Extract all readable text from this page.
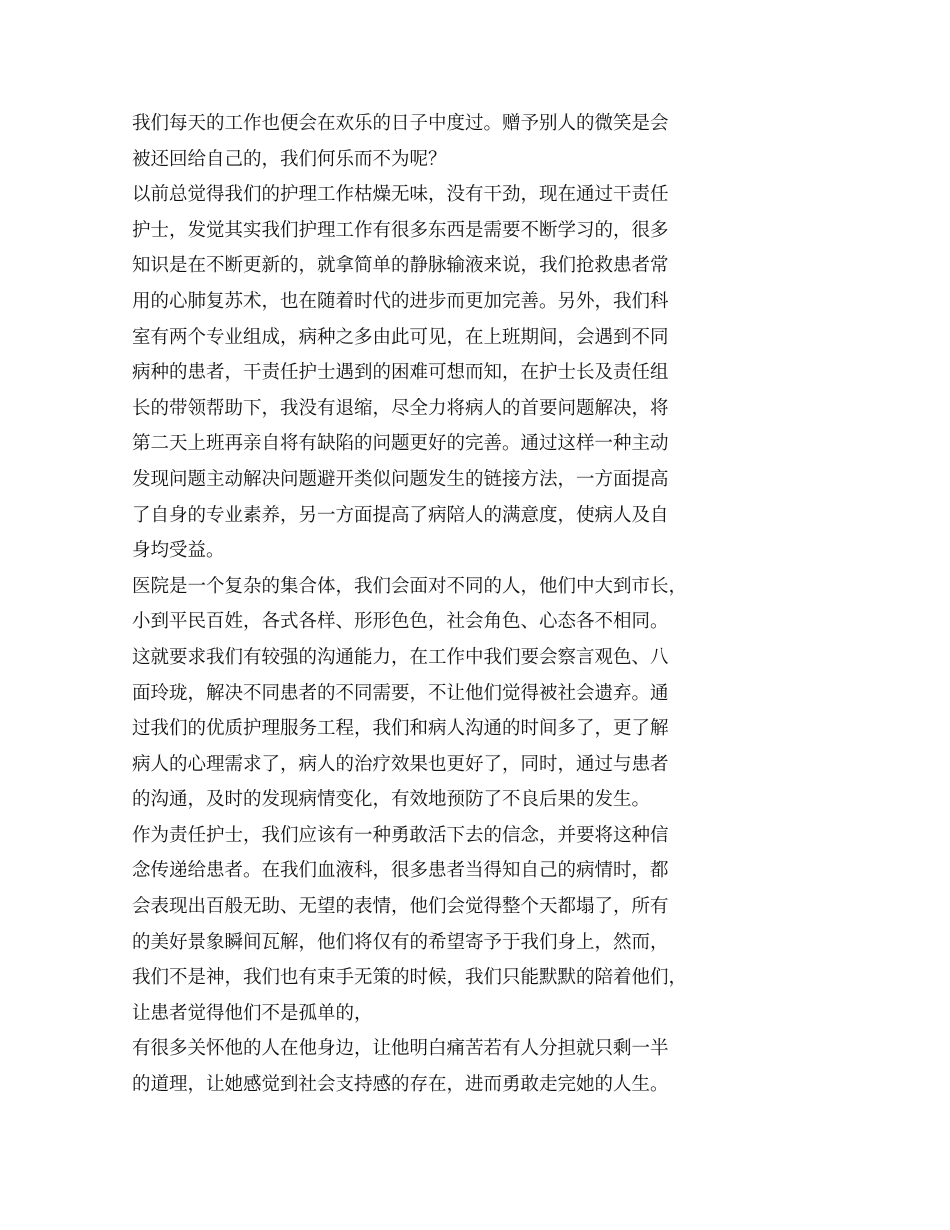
我们每天的工作也便会在欢乐的日子中度过。赠予别人的微笑是会
被还回给自己的，我们何乐而不为呢？
以前总觉得我们的护理工作枯燥无味，没有干劲，现在通过干责任
护士，发觉其实我们护理工作有很多东西是需要不断学习的，很多
知识是在不断更新的，就拿简单的静脉输液来说，我们抢救患者常
用的心肺复苏术，也在随着时代的进步而更加完善。另外，我们科
室有两个专业组成，病种之多由此可见，在上班期间，会遇到不同
病种的患者，干责任护士遇到的困难可想而知，在护士长及责任组
长的带领帮助下，我没有退缩，尽全力将病人的首要问题解决，将
第二天上班再亲自将有缺陷的问题更好的完善。通过这样一种主动
发现问题主动解决问题避开类似问题发生的链接方法，一方面提高
了自身的专业素养，另一方面提高了病陪人的满意度，使病人及自
身均受益。
医院是一个复杂的集合体，我们会面对不同的人，他们中大到市长，
小到平民百姓，各式各样、形形色色，社会角色、心态各不相同。
这就要求我们有较强的沟通能力，在工作中我们要会察言观色、八
面玲珑，解决不同患者的不同需要，不让他们觉得被社会遗弃。通
过我们的优质护理服务工程，我们和病人沟通的时间多了，更了解
病人的心理需求了，病人的治疗效果也更好了，同时，通过与患者
的沟通，及时的发现病情变化，有效地预防了不良后果的发生。
作为责任护士，我们应该有一种勇敢活下去的信念，并要将这种信
念传递给患者。在我们血液科，很多患者当得知自己的病情时，都
会表现出百般无助、无望的表情，他们会觉得整个天都塌了，所有
的美好景象瞬间瓦解，他们将仅有的希望寄予于我们身上，然而，
我们不是神，我们也有束手无策的时候，我们只能默默的陪着他们，
让患者觉得他们不是孤单的，
有很多关怀他的人在他身边，让他明白痛苦若有人分担就只剩一半
的道理，让她感觉到社会支持感的存在，进而勇敢走完她的人生。
